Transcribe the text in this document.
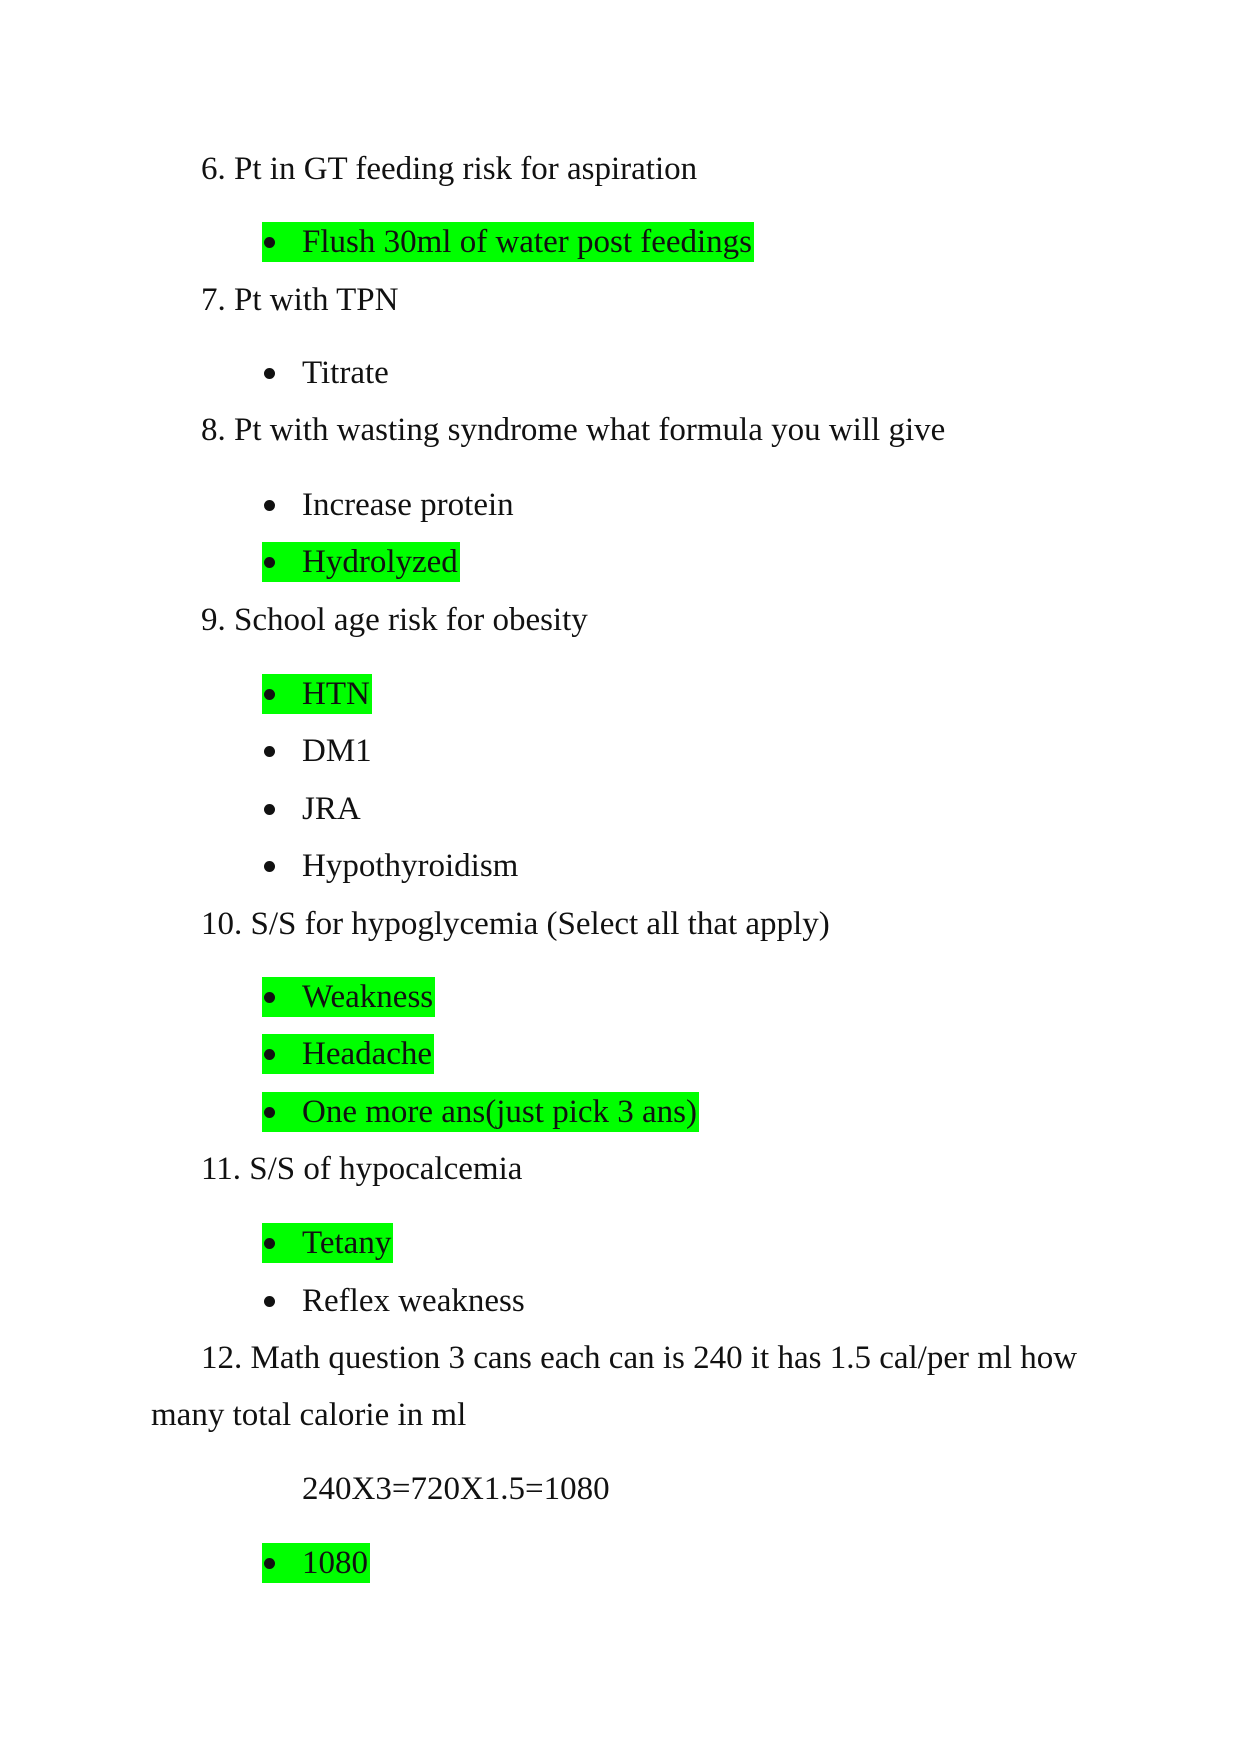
6. Pt in GT feeding risk for aspiration
Flush 30ml of water post feedings
7. Pt with TPN
Titrate
8. Pt with wasting syndrome what formula you will give
Increase protein
Hydrolyzed
9. School age risk for obesity
HTN
DM1
JRA
Hypothyroidism
10. S/S for hypoglycemia (Select all that apply)
Weakness
Headache
One more ans(just pick 3 ans)
11. S/S of hypocalcemia
Tetany
Reflex weakness
12. Math question 3 cans each can is 240 it has 1.5 cal/per ml how
many total calorie in ml
240X3=720X1.5=1080
1080
